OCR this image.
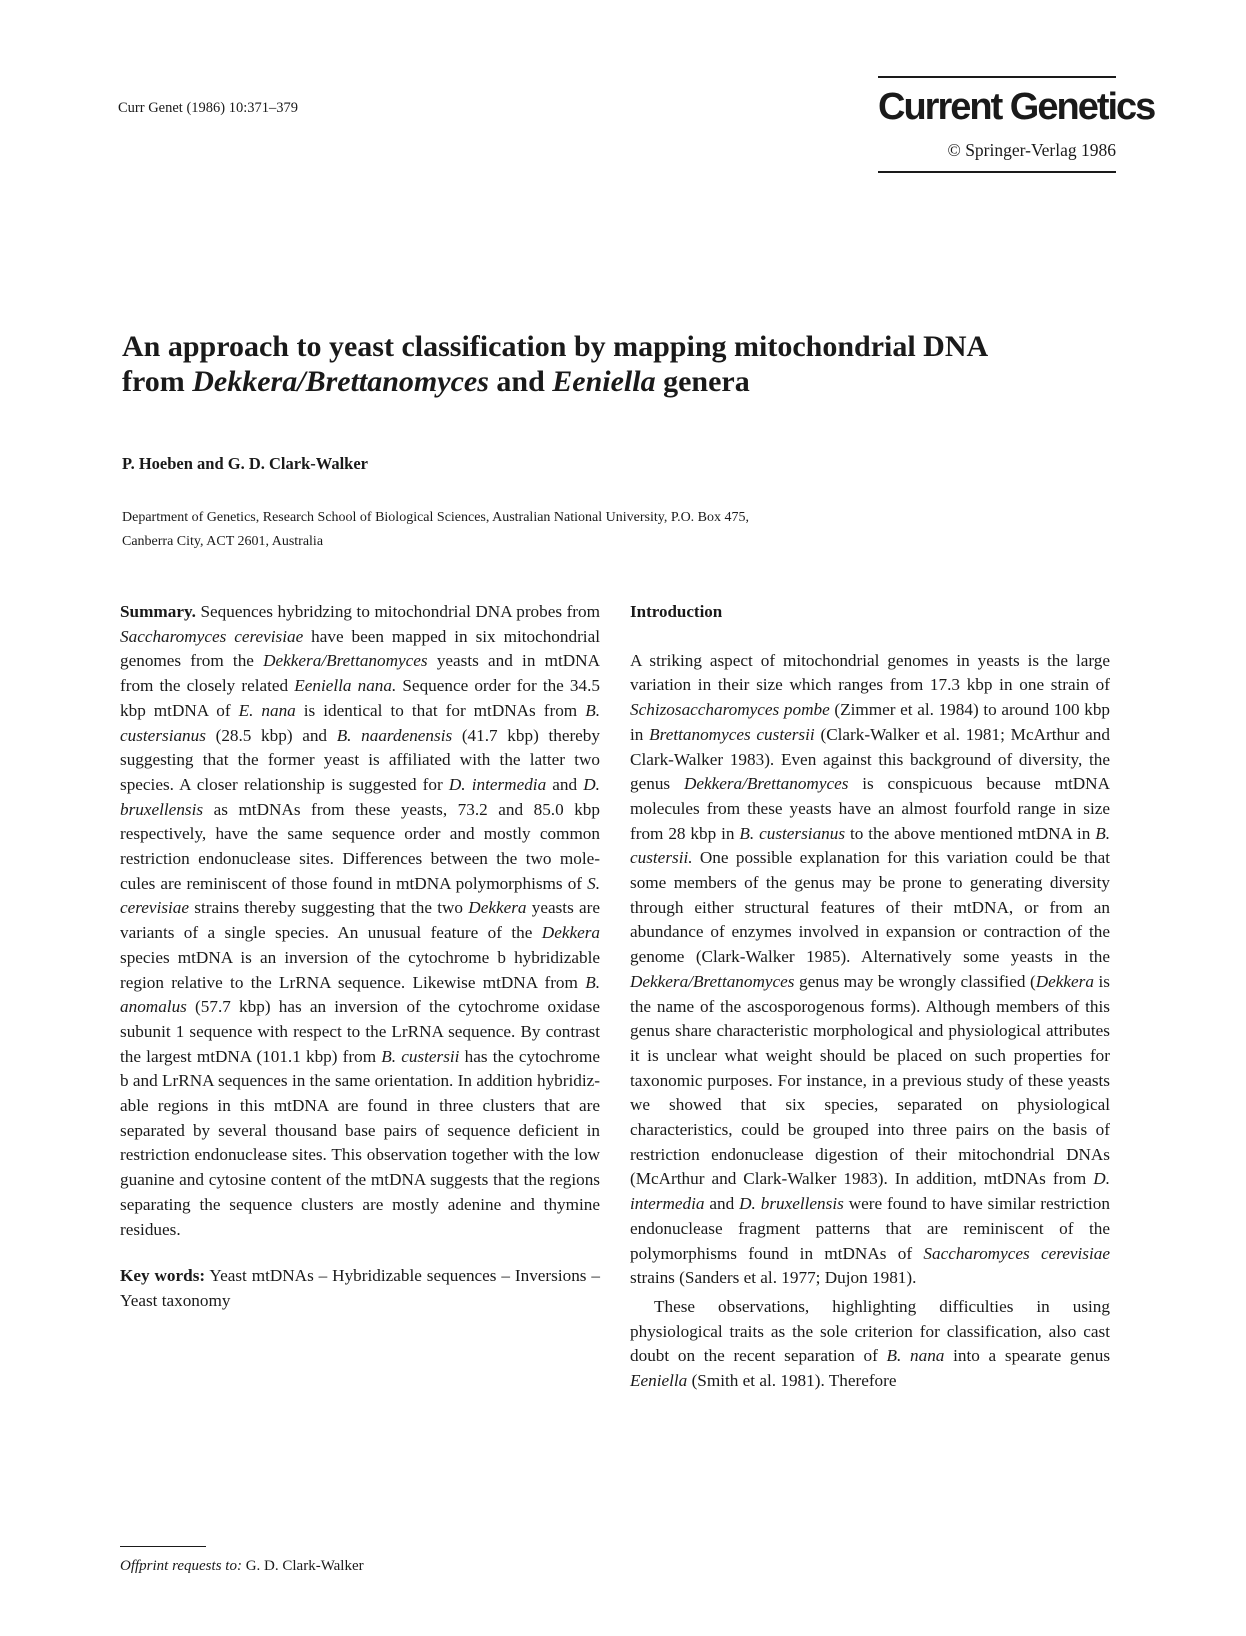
Curr Genet (1986) 10:371–379	Current Genetics
© Springer-Verlag 1986
An approach to yeast classification by mapping mitochondrial DNA
from Dekkera/Brettanomyces and Eeniella genera
P. Hoeben and G. D. Clark-Walker
Department of Genetics, Research School of Biological Sciences, Australian National University, P.O. Box 475,
Canberra City, ACT 2601, Australia

Summary. Sequences hybridzing to mitochondrial DNA probes from Saccharomyces cerevisiae have been mapped in six mitochondrial genomes from the Dekkera/Brettanomyces yeasts and in mtDNA from the closely related Eeniella nana. Sequence order for the 34.5 kbp mtDNA of E. nana is identical to that for mtDNAs from B. custersianus (28.5 kbp) and B. naardenensis (41.7 kbp) thereby suggesting that the former yeast is affiliated with the latter two species. A closer relationship is suggested for D. intermedia and D. bruxellensis as mtDNAs from these yeasts, 73.2 and 85.0 kbp respectively, have the same sequence order and mostly common restriction endonuclease sites. Differences between the two molecules are reminiscent of those found in mtDNA polymorphisms of S. cerevisiae strains thereby suggesting that the two Dekkera yeasts are variants of a single species. An unusual feature of the Dekkera species mtDNA is an inversion of the cytochrome b hybridizable region relative to the LrRNA sequence. Likewise mtDNA from B. anomalus (57.7 kbp) has an inversion of the cytochrome oxidase subunit 1 sequence with respect to the LrRNA sequence. By contrast the largest mtDNA (101.1 kbp) from B. custersii has the cytochrome b and LrRNA sequences in the same orientation. In addition hybridizable regions in this mtDNA are found in three clusters that are separated by several thousand base pairs of sequence deficient in restriction endonuclease sites. This observation together with the low guanine and cytosine content of the mtDNA suggests that the regions separating the sequence clusters are mostly adenine and thymine residues.

Key words: Yeast mtDNAs – Hybridizable sequences – Inversions – Yeast taxonomy

Introduction

A striking aspect of mitochondrial genomes in yeasts is the large variation in their size which ranges from 17.3 kbp in one strain of Schizosaccharomyces pombe (Zimmer et al. 1984) to around 100 kbp in Brettanomyces custersii (Clark-Walker et al. 1981; McArthur and Clark-Walker 1983). Even against this background of diversity, the genus Dekkera/Brettanomyces is conspicuous because mtDNA molecules from these yeasts have an almost fourfold range in size from 28 kbp in B. custersianus to the above mentioned mtDNA in B. custersii. One possible explanation for this variation could be that some members of the genus may be prone to generating diversity through either structural features of their mtDNA, or from an abundance of enzymes involved in expansion or contraction of the genome (Clark-Walker 1985). Alternatively some yeasts in the Dekkera/Brettanomyces genus may be wrongly classified (Dekkera is the name of the ascosporogenous forms). Although members of this genus share characteristic morphological and physiological attributes it is unclear what weight should be placed on such properties for taxonomic purposes. For instance, in a previous study of these yeasts we showed that six species, separated on physiological characteristics, could be grouped into three pairs on the basis of restriction endonuclease digestion of their mitochondrial DNAs (McArthur and Clark-Walker 1983). In addition, mtDNAs from D. intermedia and D. bruxellensis were found to have similar restriction endonuclease fragment patterns that are reminiscent of the polymorphisms found in mtDNAs of Saccharomyces cerevisiae strains (Sanders et al. 1977; Dujon 1981).

These observations, highlighting difficulties in using physiological traits as the sole criterion for classification, also cast doubt on the recent separation of B. nana into a spearate genus Eeniella (Smith et al. 1981). Therefore

Offprint requests to: G. D. Clark-Walker
